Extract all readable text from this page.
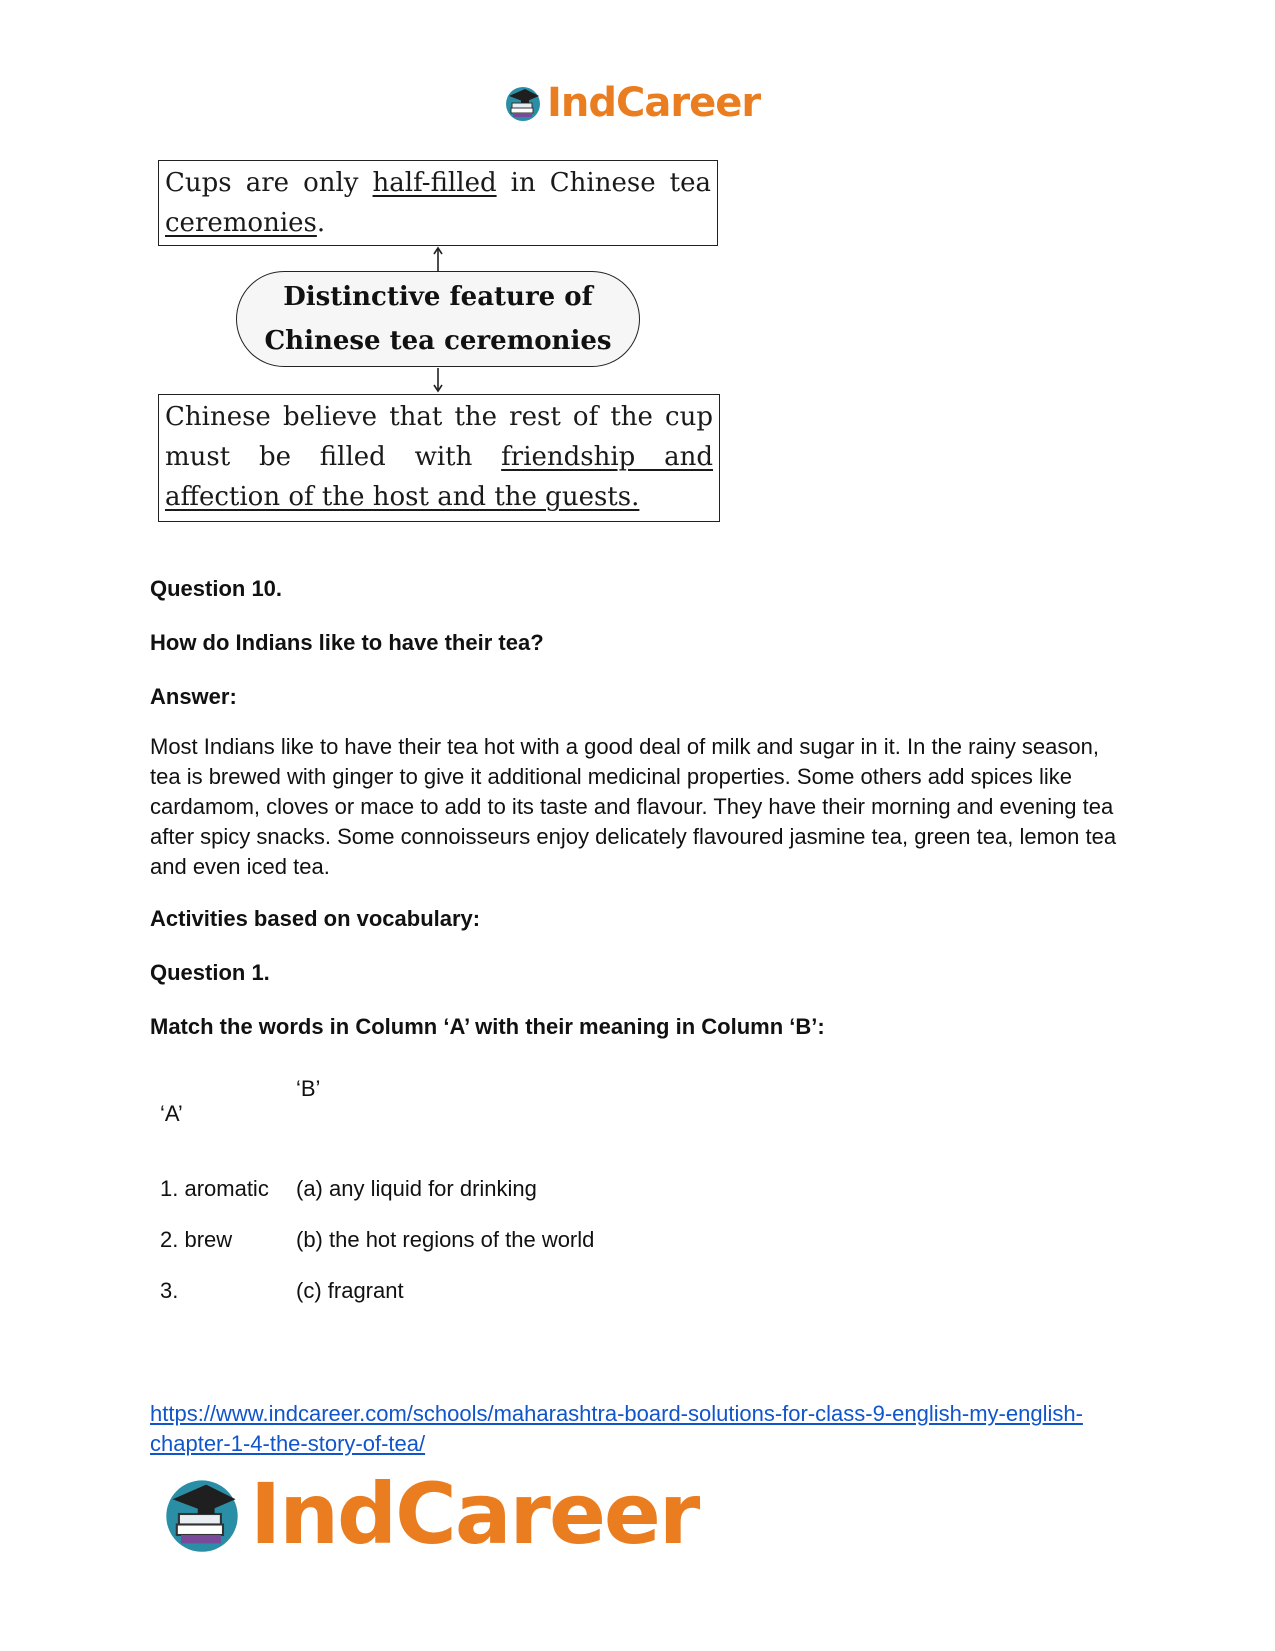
IndCareer
Cups are only half-filled in Chinese tea ceremonies.
Distinctive feature of
Chinese tea ceremonies
Chinese believe that the rest of the cup must be filled with friendship and affection of the host and the guests.

Question 10.

How do Indians like to have their tea?

Answer:

Most Indians like to have their tea hot with a good deal of milk and sugar in it. In the rainy season, tea is brewed with ginger to give it additional medicinal properties. Some others add spices like cardamom, cloves or mace to add to its taste and flavour. They have their morning and evening tea after spicy snacks. Some connoisseurs enjoy delicately flavoured jasmine tea, green tea, lemon tea and even iced tea.

Activities based on vocabulary:

Question 1.

Match the words in Column ‘A’ with their meaning in Column ‘B’:

‘A’
‘B’
1. aromatic (a) any liquid for drinking
2. brew	(b) the hot regions of the world
3.	(c) fragrant
https://www.indcareer.com/schools/maharashtra-board-solutions-for-class-9-english-my-english-
chapter-1-4-the-story-of-tea/
IndCareer
